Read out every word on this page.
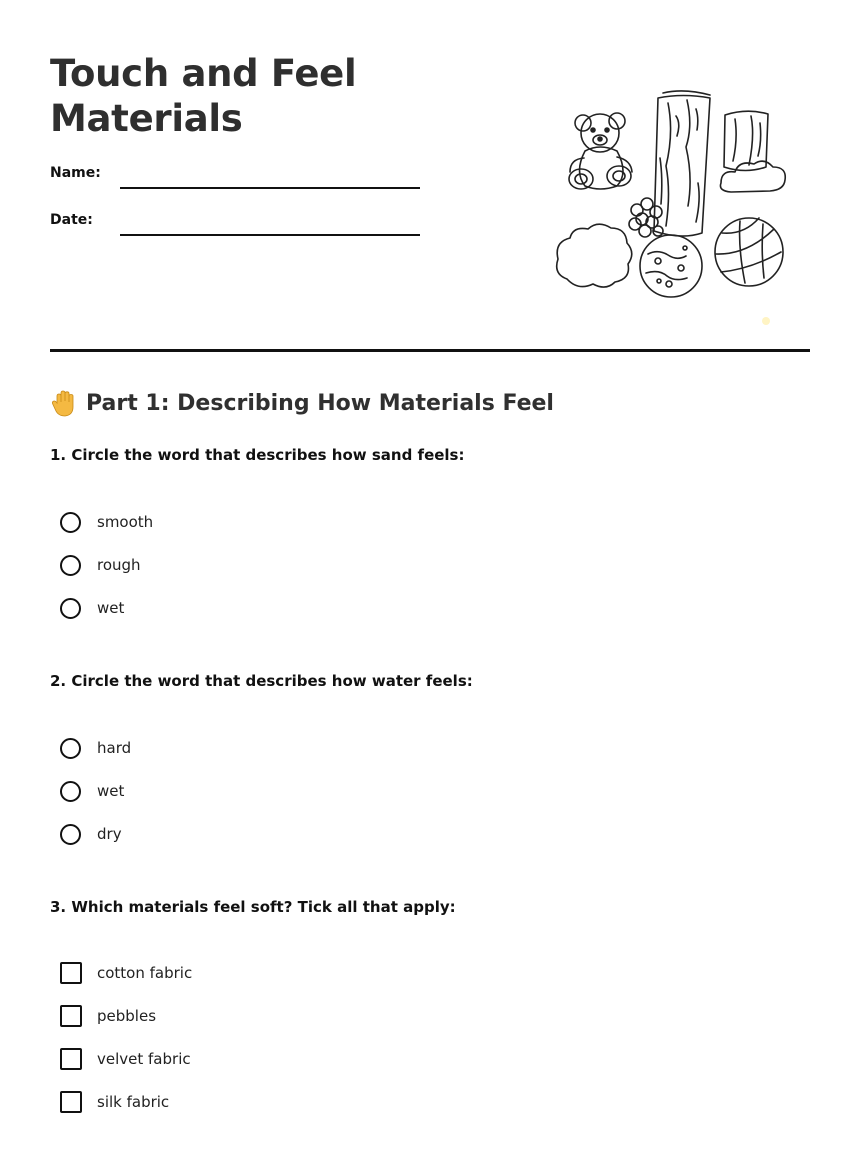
Touch and Feel Materials
Name:
Date:
Part 1: Describing How Materials Feel

1. Circle the word that describes how sand feels:

smooth
rough
wet

2. Circle the word that describes how water feels:

hard
wet
dry

3. Which materials feel soft? Tick all that apply:

cotton fabric
pebbles
velvet fabric
silk fabric
